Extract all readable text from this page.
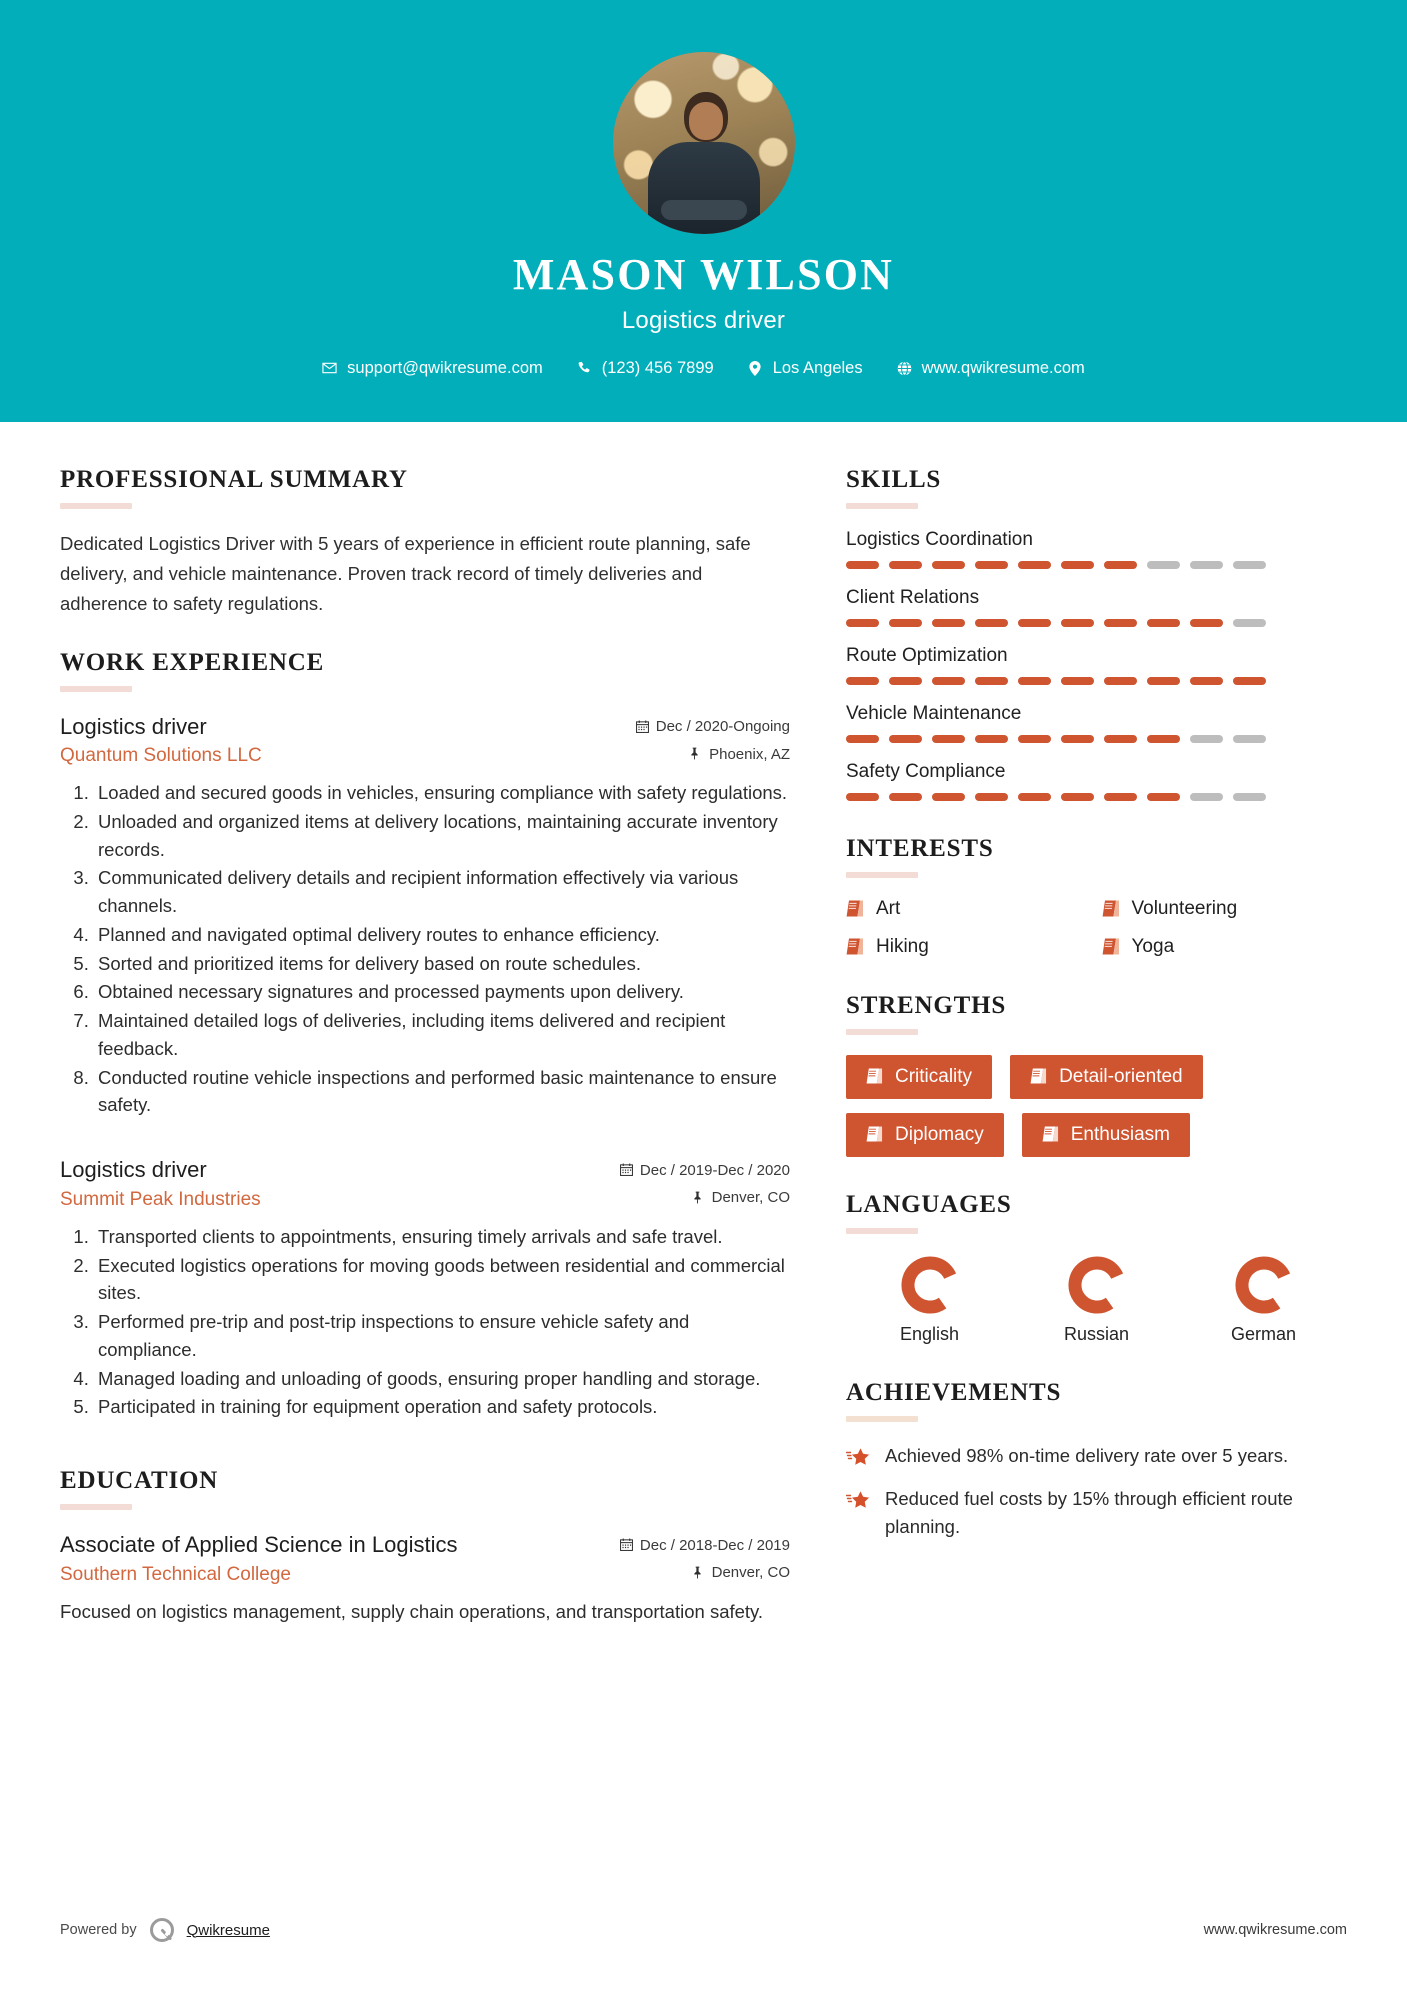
MASON WILSON
Logistics driver
support@qwikresume.com	(123) 456 7899	Los Angeles	www.qwikresume.com
PROFESSIONAL SUMMARY
Dedicated Logistics Driver with 5 years of experience in efficient route planning, safe delivery, and vehicle maintenance. Proven track record of timely deliveries and adherence to safety regulations.
WORK EXPERIENCE
Logistics driver	Dec / 2020-Ongoing
Quantum Solutions LLC	Phoenix, AZ
1. Loaded and secured goods in vehicles, ensuring compliance with safety regulations.
2. Unloaded and organized items at delivery locations, maintaining accurate inventory records.
3. Communicated delivery details and recipient information effectively via various channels.
4. Planned and navigated optimal delivery routes to enhance efficiency.
5. Sorted and prioritized items for delivery based on route schedules.
6. Obtained necessary signatures and processed payments upon delivery.
7. Maintained detailed logs of deliveries, including items delivered and recipient feedback.
8. Conducted routine vehicle inspections and performed basic maintenance to ensure safety.
Logistics driver	Dec / 2019-Dec / 2020
Summit Peak Industries	Denver, CO
1. Transported clients to appointments, ensuring timely arrivals and safe travel.
2. Executed logistics operations for moving goods between residential and commercial sites.
3. Performed pre-trip and post-trip inspections to ensure vehicle safety and compliance.
4. Managed loading and unloading of goods, ensuring proper handling and storage.
5. Participated in training for equipment operation and safety protocols.
EDUCATION
Associate of Applied Science in Logistics	Dec / 2018-Dec / 2019
Southern Technical College	Denver, CO
Focused on logistics management, supply chain operations, and transportation safety.
SKILLS
Logistics Coordination
Client Relations
Route Optimization
Vehicle Maintenance
Safety Compliance
INTERESTS
Art	Volunteering
Hiking	Yoga
STRENGTHS
Criticality	Detail-oriented
Diplomacy	Enthusiasm
LANGUAGES
English	Russian	German
ACHIEVEMENTS
Achieved 98% on-time delivery rate over 5 years.
Reduced fuel costs by 15% through efficient route planning.
Powered by	Qwikresume	www.qwikresume.com
